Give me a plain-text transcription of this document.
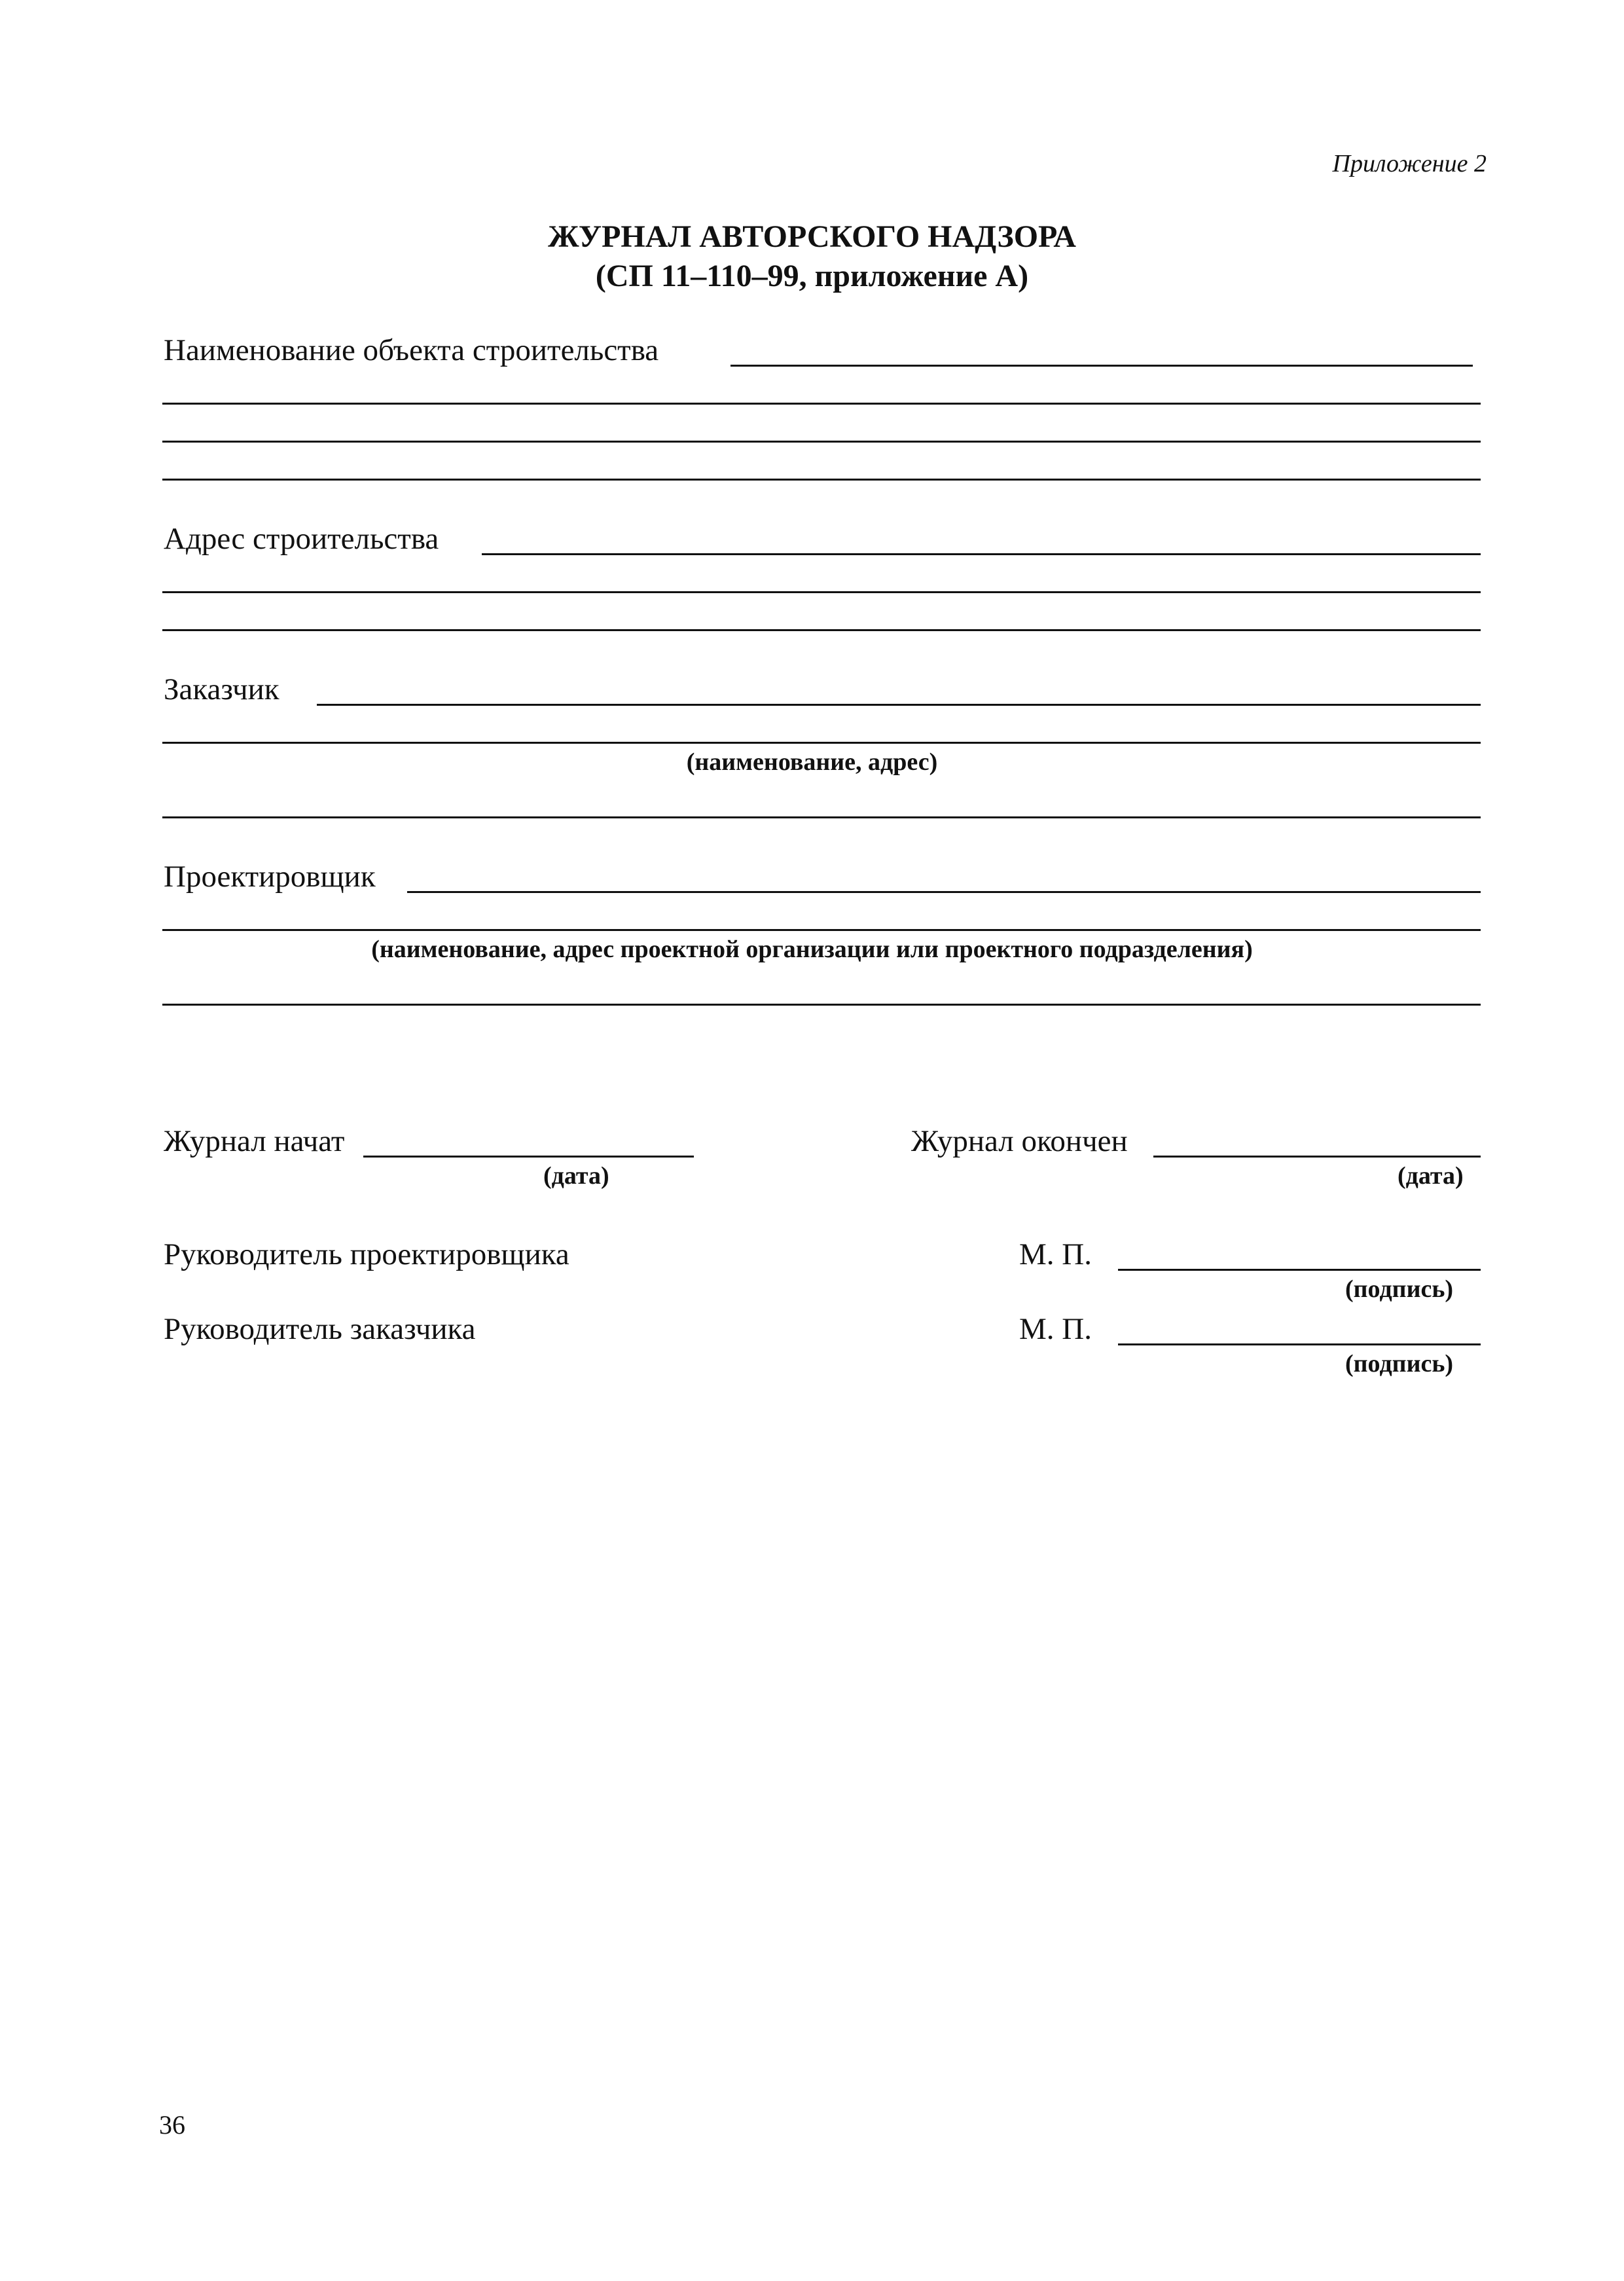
Приложение 2
ЖУРНАЛ АВТОРСКОГО НАДЗОРА
(СП 11–110–99, приложение А)
Наименование объекта строительства
Адрес строительства
Заказчик
(наименование, адрес)
Проектировщик
(наименование, адрес проектной организации или проектного подразделения)
Журнал начат
(дата)
Журнал окончен
(дата)
Руководитель проектировщика	М. П.
(подпись)
Руководитель заказчика	М. П.
(подпись)
36
